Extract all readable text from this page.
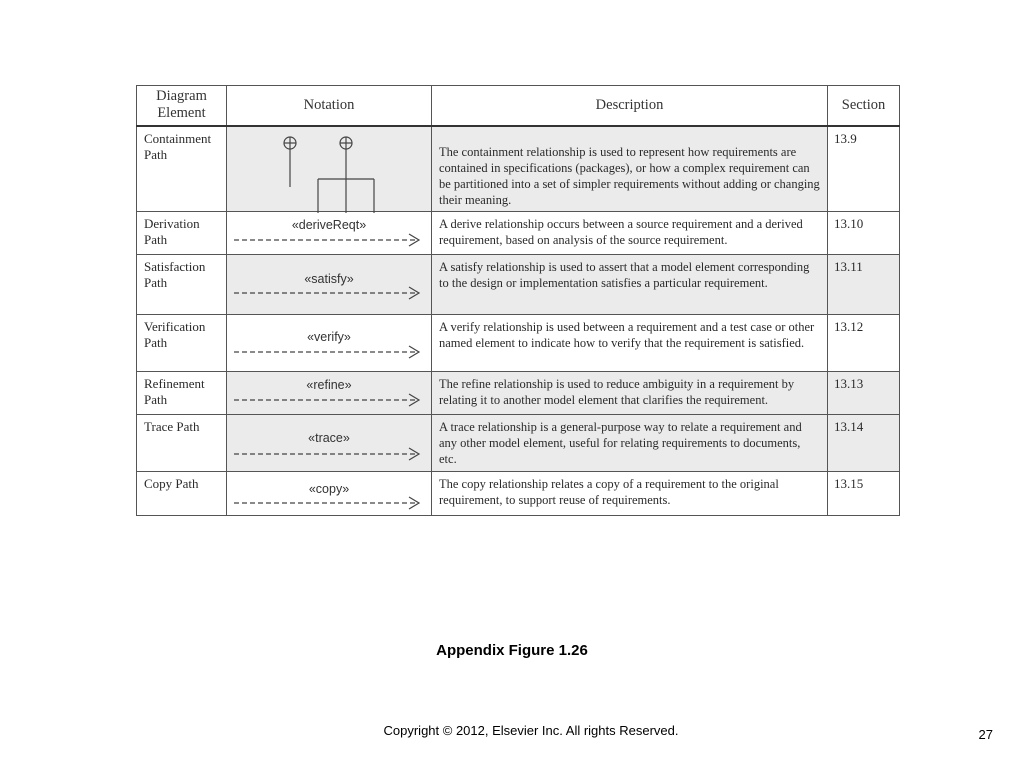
Diagram Element	Notation	Description	Section
Containment Path		The containment relationship is used to represent how requirements are contained in specifications (packages), or how a complex requirement can be partitioned into a set of simpler requirements without adding or changing their meaning.	13.9
Derivation Path	«deriveReqt»	A derive relationship occurs between a source requirement and a derived requirement, based on analysis of the source requirement.	13.10
Satisfaction Path	«satisfy»	A satisfy relationship is used to assert that a model element corresponding to the design or implementation satisfies a particular requirement.	13.11
Verification Path	«verify»	A verify relationship is used between a requirement and a test case or other named element to indicate how to verify that the requirement is satisfied.	13.12
Refinement Path	«refine»	The refine relationship is used to reduce ambiguity in a requirement by relating it to another model element that clarifies the requirement.	13.13
Trace Path	«trace»	A trace relationship is a general-purpose way to relate a requirement and any other model element, useful for relating requirements to documents, etc.	13.14
Copy Path	«copy»	The copy relationship relates a copy of a requirement to the original requirement, to support reuse of requirements.	13.15
Appendix Figure 1.26
Copyright © 2012, Elsevier Inc. All rights Reserved.	27
